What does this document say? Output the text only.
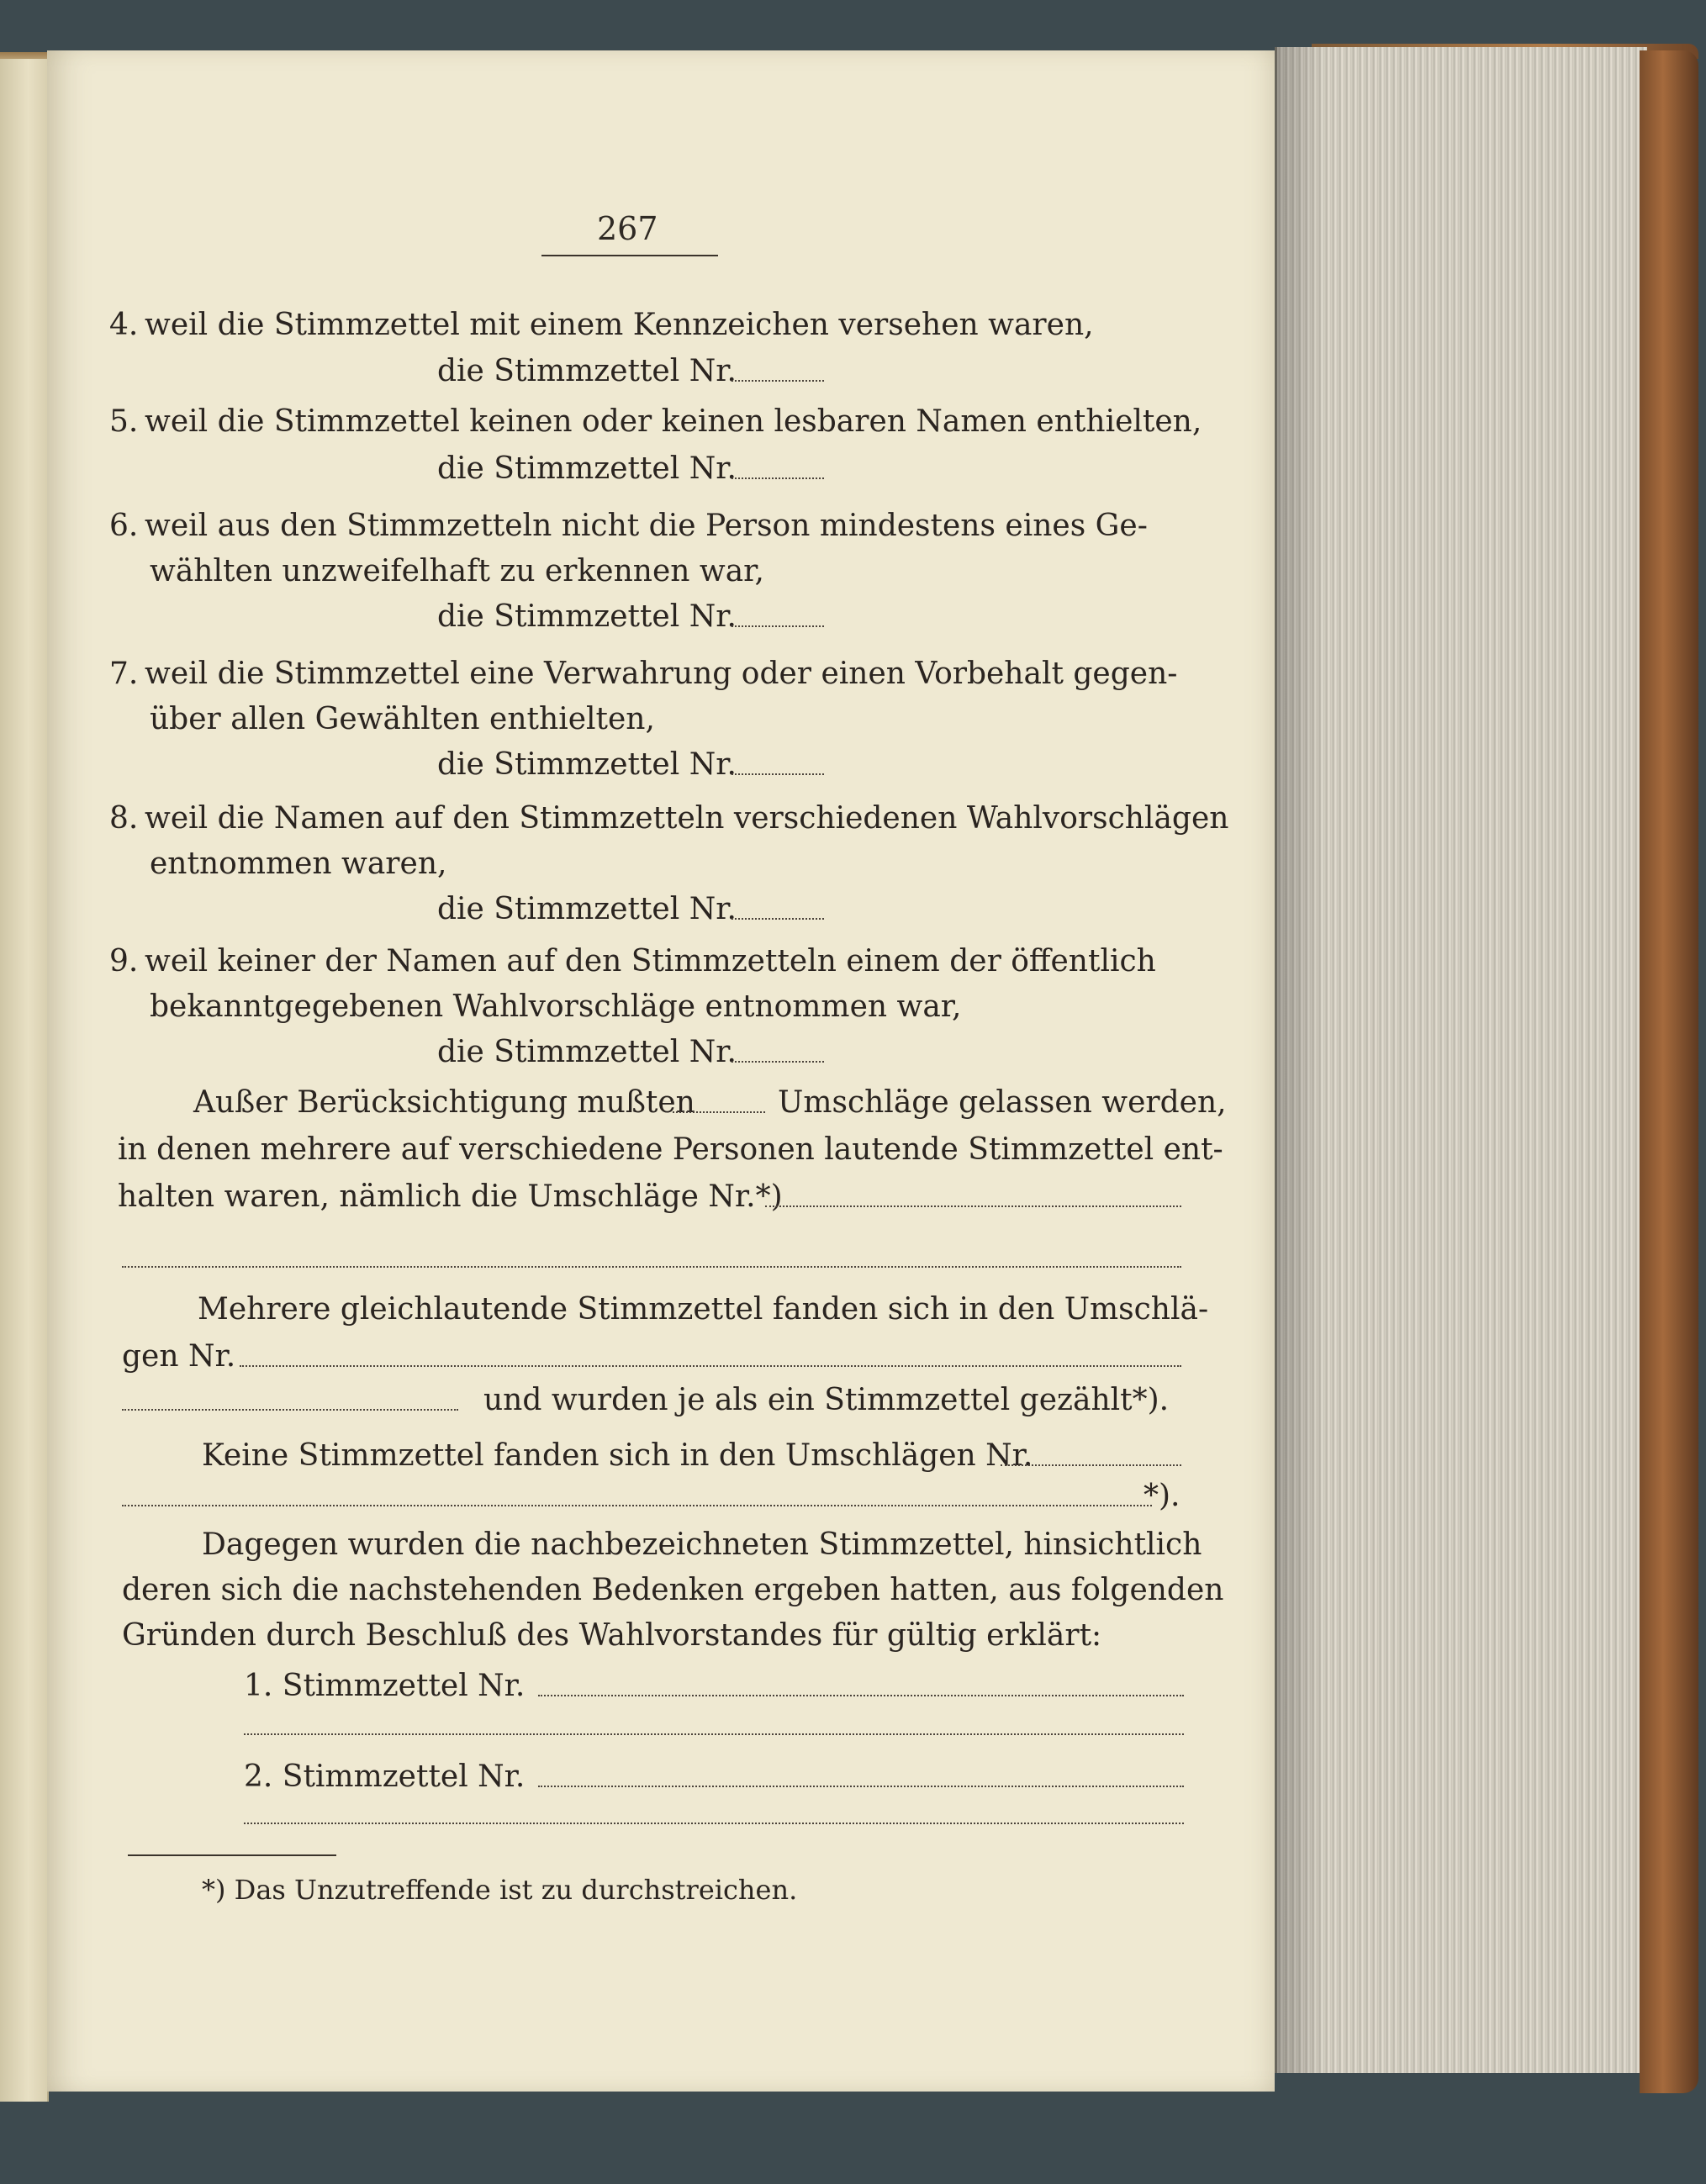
267
4. weil die Stimmzettel mit einem Kennzeichen versehen waren,
die Stimmzettel Nr.
5. weil die Stimmzettel keinen oder keinen lesbaren Namen enthielten,
die Stimmzettel Nr.
6. weil aus den Stimmzetteln nicht die Person mindestens eines Ge-
wählten unzweifelhaft zu erkennen war,
die Stimmzettel Nr.
7. weil die Stimmzettel eine Verwahrung oder einen Vorbehalt gegen-
über allen Gewählten enthielten,
die Stimmzettel Nr.
8. weil die Namen auf den Stimmzetteln verschiedenen Wahlvorschlägen
entnommen waren,
die Stimmzettel Nr.
9. weil keiner der Namen auf den Stimmzetteln einem der öffentlich
bekanntgegebenen Wahlvorschläge entnommen war,
die Stimmzettel Nr.
Außer Berücksichtigung mußten	Umschläge gelassen werden,
in denen mehrere auf verschiedene Personen lautende Stimmzettel ent-
halten waren, nämlich die Umschläge Nr.*)
Mehrere gleichlautende Stimmzettel fanden sich in den Umschlä-
gen Nr.
und wurden je als ein Stimmzettel gezählt*).
Keine Stimmzettel fanden sich in den Umschlägen Nr.
*).
Dagegen wurden die nachbezeichneten Stimmzettel, hinsichtlich
deren sich die nachstehenden Bedenken ergeben hatten, aus folgenden
Gründen durch Beschluß des Wahlvorstandes für gültig erklärt:
1. Stimmzettel Nr.
2. Stimmzettel Nr.
*) Das Unzutreffende ist zu durchstreichen.
